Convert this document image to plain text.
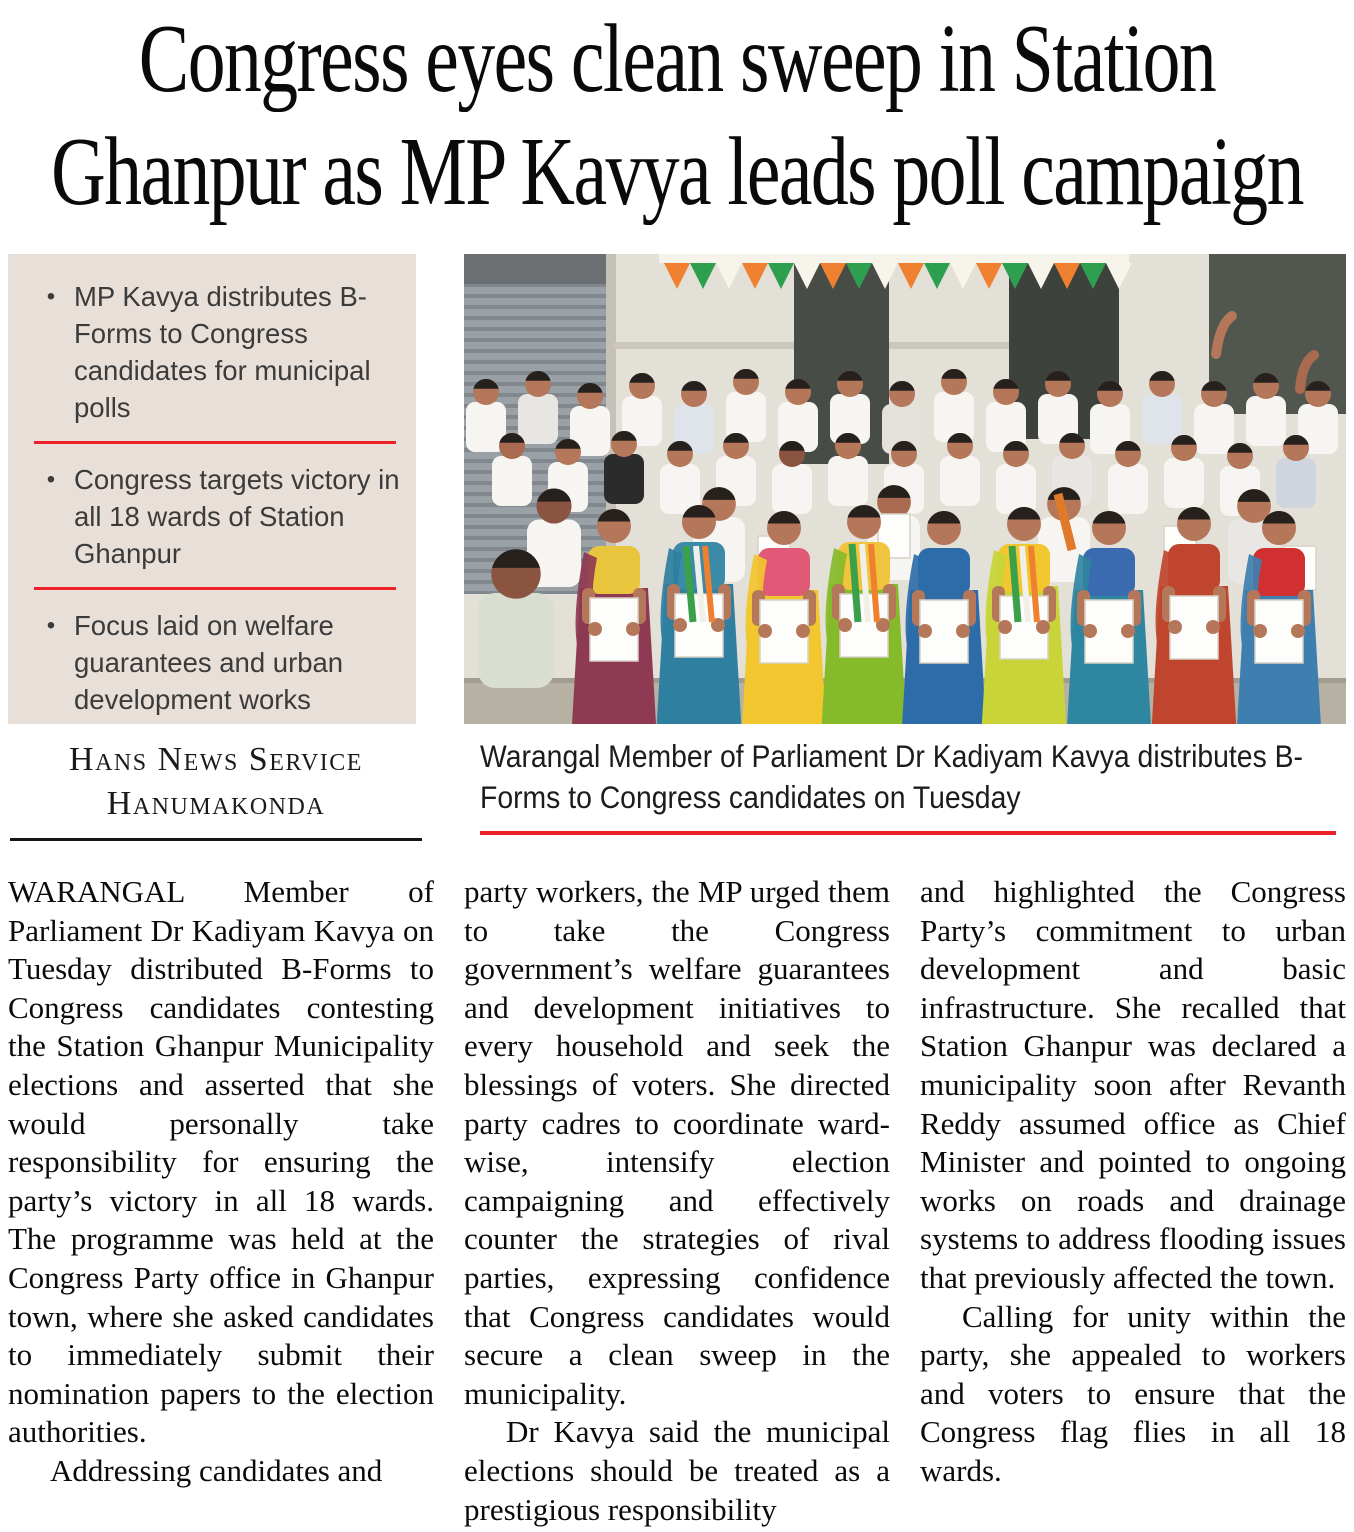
Congress eyes clean sweep in Station
Ghanpur as MP Kavya leads poll campaign
• MP Kavya distributes B-Forms to Congress candidates for municipal polls
• Congress targets victory in all 18 wards of Station Ghanpur
• Focus laid on welfare guarantees and urban development works
Hans News Service
Hanumakonda
Warangal Member of Parliament Dr Kadiyam Kavya distributes B-Forms to Congress candidates on Tuesday

WARANGAL Member of Parliament Dr Kadiyam Kavya on Tuesday distributed B-Forms to Congress candidates contesting the Station Ghanpur Municipality elections and asserted that she would personally take responsibility for ensuring the party’s victory in all 18 wards. The programme was held at the Congress Party office in Ghanpur town, where she asked candidates to immediately submit their nomination papers to the election authorities.

Addressing candidates and

party workers, the MP urged them to take the Congress government’s welfare guarantees and development initiatives to every household and seek the blessings of voters. She directed party cadres to coordinate ward-wise, intensify election campaigning and effectively counter the strategies of rival parties, expressing confidence that Congress candidates would secure a clean sweep in the municipality.

Dr Kavya said the municipal elections should be treated as a prestigious responsibility

and highlighted the Congress Party’s commitment to urban development and basic infrastructure. She recalled that Station Ghanpur was declared a municipality soon after Revanth Reddy assumed office as Chief Minister and pointed to ongoing works on roads and drainage systems to address flooding issues that previously affected the town.

Calling for unity within the party, she appealed to workers and voters to ensure that the Congress flag flies in all 18 wards.
